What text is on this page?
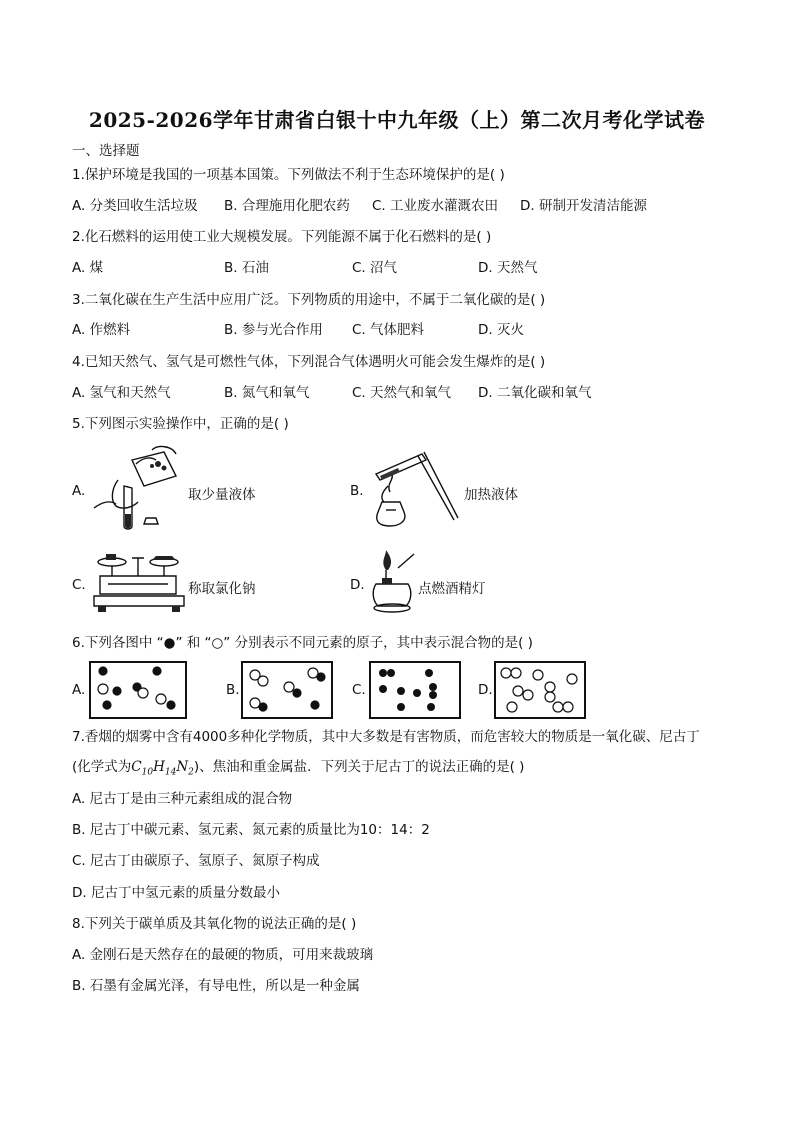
2025-2026学年甘肃省白银十中九年级（上）第二次月考化学试卷
一、选择题
1.保护环境是我国的一项基本国策。下列做法不利于生态环境保护的是( )
A. 分类回收生活垃圾 B. 合理施用化肥农药 C. 工业废水灌溉农田 D. 研制开发清洁能源
2.化石燃料的运用使工业大规模发展。下列能源不属于化石燃料的是( )
A. 煤	B. 石油	C. 沼气	D. 天然气
3.二氧化碳在生产生活中应用广泛。下列物质的用途中，不属于二氧化碳的是( )
A. 作燃料	B. 参与光合作用 C. 气体肥料	D. 灭火
4.已知天然气、氢气是可燃性气体，下列混合气体遇明火可能会发生爆炸的是( )
A. 氢气和天然气	B. 氮气和氧气	C. 天然气和氧气 D. 二氧化碳和氧气
5.下列图示实验操作中，正确的是( )
A.	取少量液体	B.	加热液体
C.	称取氯化钠	D.	点燃酒精灯
6.下列各图中 “●” 和 “○” 分别表示不同元素的原子，其中表示混合物的是( )
A.	B.	C.	D.
7.香烟的烟雾中含有4000多种化学物质，其中大多数是有害物质，而危害较大的物质是一氧化碳、尼古丁
(化学式为$C_{10}H_{14}N_2$)、焦油和重金属盐．下列关于尼古丁的说法正确的是( )
A. 尼古丁是由三种元素组成的混合物
B. 尼古丁中碳元素、氢元素、氮元素的质量比为10：14：2
C. 尼古丁由碳原子、氢原子、氮原子构成
D. 尼古丁中氢元素的质量分数最小
8.下列关于碳单质及其氧化物的说法正确的是( )
A. 金刚石是天然存在的最硬的物质，可用来裁玻璃
B. 石墨有金属光泽，有导电性，所以是一种金属
